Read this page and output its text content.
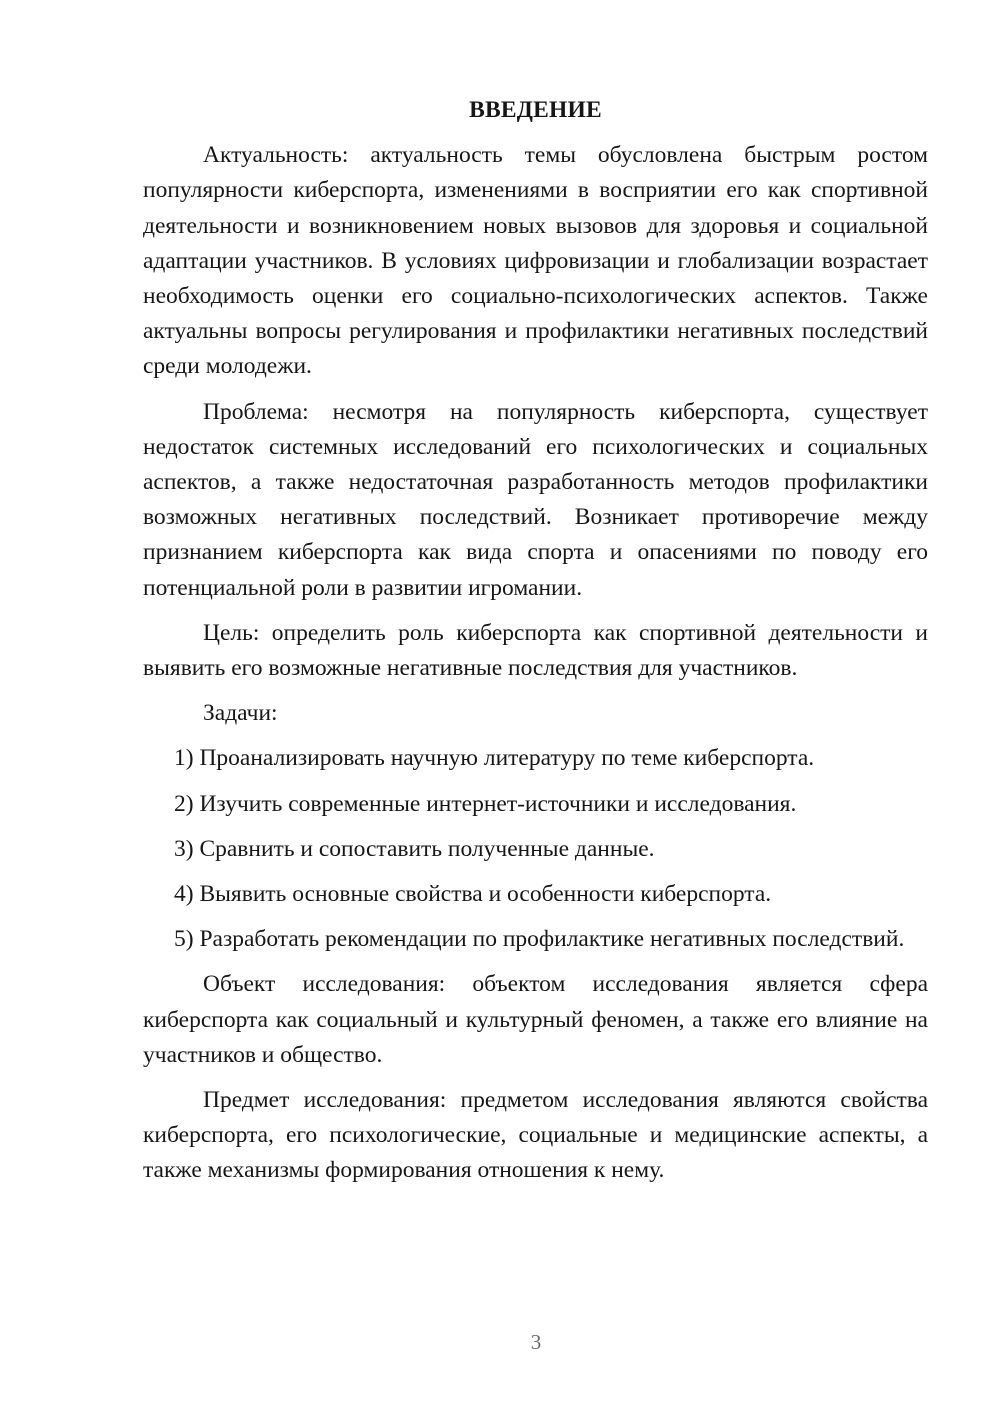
ВВЕДЕНИЕ

Актуальность: актуальность темы обусловлена быстрым ростом популярности киберспорта, изменениями в восприятии его как спортивной деятельности и возникновением новых вызовов для здоровья и социальной адаптации участников. В условиях цифровизации и глобализации возрастает необходимость оценки его социально-психологических аспектов. Также актуальны вопросы регулирования и профилактики негативных последствий среди молодежи.

Проблема: несмотря на популярность киберспорта, существует недостаток системных исследований его психологических и социальных аспектов, а также недостаточная разработанность методов профилактики возможных негативных последствий. Возникает противоречие между признанием киберспорта как вида спорта и опасениями по поводу его потенциальной роли в развитии игромании.

Цель: определить роль киберспорта как спортивной деятельности и выявить его возможные негативные последствия для участников.

Задачи:

1) Проанализировать научную литературу по теме киберспорта.

2) Изучить современные интернет-источники и исследования.

3) Сравнить и сопоставить полученные данные.

4) Выявить основные свойства и особенности киберспорта.

5) Разработать рекомендации по профилактике негативных последствий.

Объект исследования: объектом исследования является сфера киберспорта как социальный и культурный феномен, а также его влияние на участников и общество.

Предмет исследования: предметом исследования являются свойства киберспорта, его психологические, социальные и медицинские аспекты, а также механизмы формирования отношения к нему.

3
